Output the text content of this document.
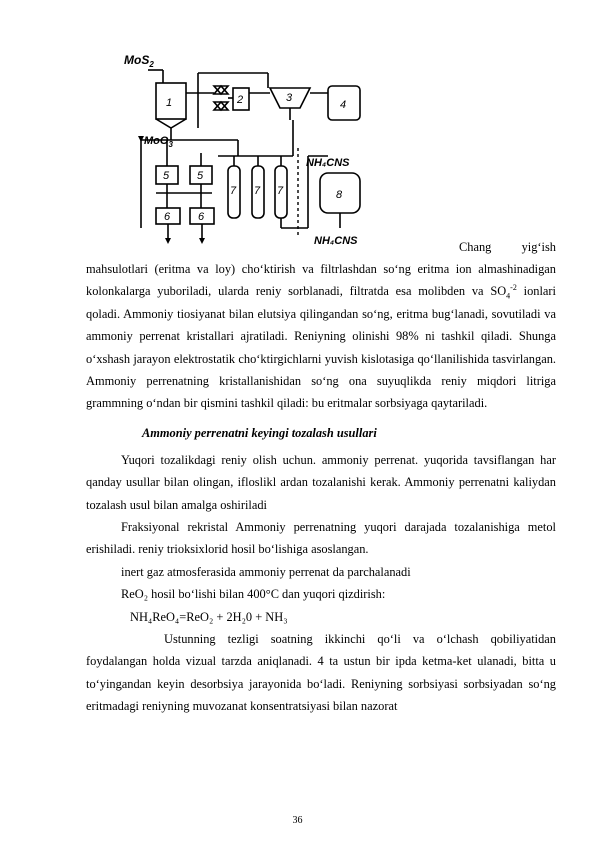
MoS$_2$
MoO$_3$
NH₄CNS
NH₄CNS
1	2	3
4
5	5
6	6
7 7 7	8

Chang yig‘ish

mahsulotlari (eritma va loy) cho‘ktirish va filtrlashdan so‘ng eritma ion almashinadigan kolonkalarga yuboriladi, ularda reniy sorblanadi, filtratda esa molibden va $SO_4^{-2}$ ionlari qoladi. Ammoniy tiosiyanat bilan elutsiya qilingandan so‘ng, eritma bug‘lanadi, sovutiladi va ammoniy perrenat kristallari ajratiladi. Reniyning olinishi 98% ni tashkil qiladi. Shunga o‘xshash jarayon elektrostatik cho‘ktirgichlarni yuvish kislotasiga qo‘llanilishida tasvirlangan. Ammoniy perrenatning kristallanishidan so‘ng ona suyuqlikda reniy miqdori litriga grammning o‘ndan bir qismini tashkil qiladi: bu eritmalar sorbsiyaga qaytariladi.

Ammoniy perrenatni keyingi tozalash usullari

Yuqori tozalikdagi reniy olish uchun. ammoniy perrenat. yuqorida tavsiflangan har qanday usullar bilan olingan, ifloslikl ardan tozalanishi kerak. Ammoniy perrenatni kaliydan tozalash usul bilan amalga oshiriladi

Fraksiyonal rekristal Ammoniy perrenatning yuqori darajada tozalanishiga metol erishiladi. reniy trioksixlorid hosil bo‘lishiga asoslangan.

inert gaz atmosferasida ammoniy perrenat da parchalanadi

ReO₂ hosil bo‘lishi bilan 400°C dan yuqori qizdirish:

NH₄ReO₄=ReO₂ + 2H₂0 + NH₃

Ustunning tezligi soatning ikkinchi qo‘li va o‘lchash qobiliyatidan foydalangan holda vizual tarzda aniqlanadi. 4 ta ustun bir ipda ketma-ket ulanadi, bitta u to‘yingandan keyin desorbsiya jarayonida bo‘ladi. Reniyning sorbsiyasi sorbsiyadan so‘ng eritmadagi reniyning muvozanat konsentratsiyasi bilan nazorat

36
